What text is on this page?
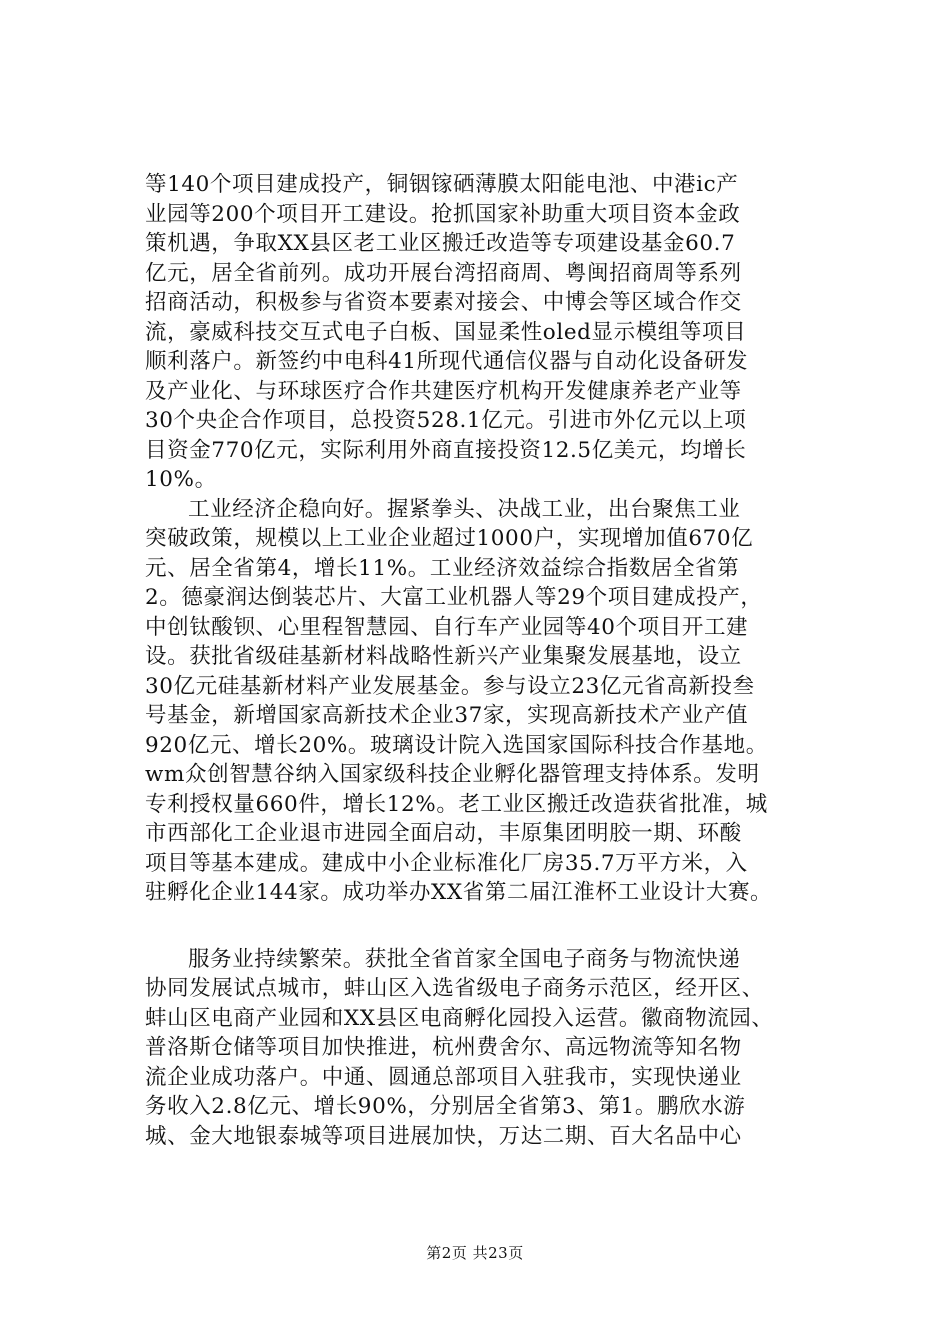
等140个项目建成投产，铜铟镓硒薄膜太阳能电池、中港ic产
业园等200个项目开工建设。抢抓国家补助重大项目资本金政
策机遇，争取XX县区老工业区搬迁改造等专项建设基金60.7
亿元，居全省前列。成功开展台湾招商周、粤闽招商周等系列
招商活动，积极参与省资本要素对接会、中博会等区域合作交
流，豪威科技交互式电子白板、国显柔性oled显示模组等项目
顺利落户。新签约中电科41所现代通信仪器与自动化设备研发
及产业化、与环球医疗合作共建医疗机构开发健康养老产业等
30个央企合作项目，总投资528.1亿元。引进市外亿元以上项
目资金770亿元，实际利用外商直接投资12.5亿美元，均增长
10%。
工业经济企稳向好。握紧拳头、决战工业，出台聚焦工业
突破政策，规模以上工业企业超过1000户，实现增加值670亿
元、居全省第4，增长11%。工业经济效益综合指数居全省第
2。德豪润达倒装芯片、大富工业机器人等29个项目建成投产，
中创钛酸钡、心里程智慧园、自行车产业园等40个项目开工建
设。获批省级硅基新材料战略性新兴产业集聚发展基地，设立
30亿元硅基新材料产业发展基金。参与设立23亿元省高新投叁
号基金，新增国家高新技术企业37家，实现高新技术产业产值
920亿元、增长20%。玻璃设计院入选国家国际科技合作基地。
wm众创智慧谷纳入国家级科技企业孵化器管理支持体系。发明
专利授权量660件，增长12%。老工业区搬迁改造获省批准，城
市西部化工企业退市进园全面启动，丰原集团明胶一期、环酸
项目等基本建成。建成中小企业标准化厂房35.7万平方米，入
驻孵化企业144家。成功举办XX省第二届江淮杯工业设计大赛。
服务业持续繁荣。获批全省首家全国电子商务与物流快递
协同发展试点城市，蚌山区入选省级电子商务示范区，经开区、
蚌山区电商产业园和XX县区电商孵化园投入运营。徽商物流园、
普洛斯仓储等项目加快推进，杭州费舍尔、高远物流等知名物
流企业成功落户。中通、圆通总部项目入驻我市，实现快递业
务收入2.8亿元、增长90%，分别居全省第3、第1。鹏欣水游
城、金大地银泰城等项目进展加快，万达二期、百大名品中心
第2页 共23页
